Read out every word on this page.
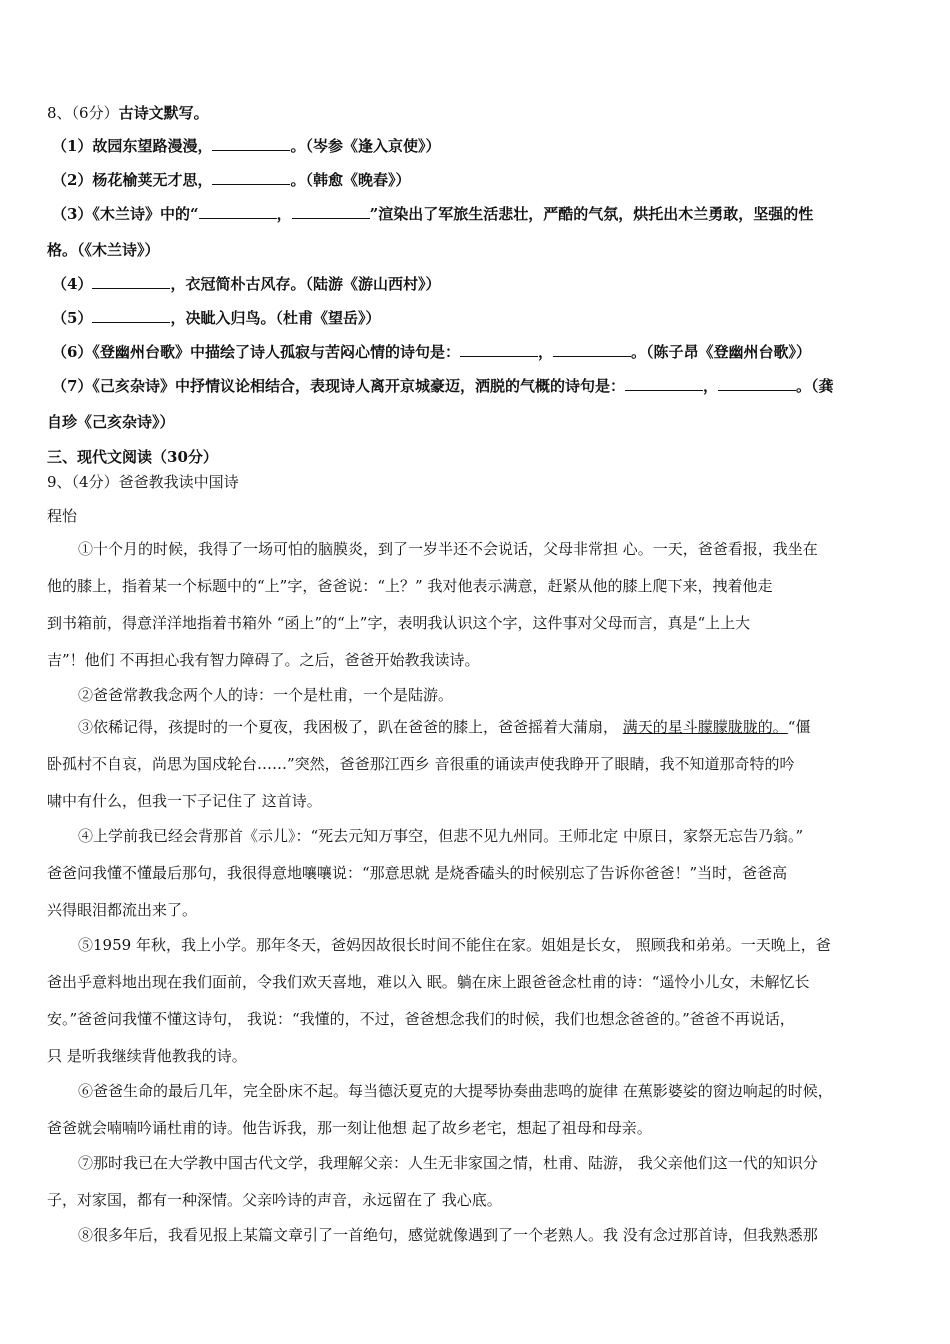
8、（6分）古诗文默写。
（1）故园东望路漫漫，	。（岑参《逢入京使》）
（2）杨花榆荚无才思，	。（韩愈《晚春》）
（3）《木兰诗》中的“	，	”渲染出了军旅生活悲壮，严酷的气氛，烘托出木兰勇敢，坚强的性
格。（《木兰诗》）
（4）	，衣冠简朴古风存。（陆游《游山西村》）
（5）	，决眦入归鸟。（杜甫《望岳》）
（6）《登幽州台歌》中描绘了诗人孤寂与苦闷心情的诗句是：	，	。（陈子昂《登幽州台歌》）
（7）《己亥杂诗》中抒情议论相结合，表现诗人离开京城豪迈，洒脱的气概的诗句是：	，	。（龚
自珍《己亥杂诗》）
三、现代文阅读（30分）
9、（4分）爸爸教我读中国诗
程怡
①十个月的时候，我得了一场可怕的脑膜炎，到了一岁半还不会说话，父母非常担 心。一天，爸爸看报，我坐在
他的膝上，指着某一个标题中的“上”字，爸爸说：“上？” 我对他表示满意，赶紧从他的膝上爬下来，拽着他走
到书箱前，得意洋洋地指着书箱外 “函上”的“上”字，表明我认识这个字，这件事对父母而言，真是“上上大
吉”！他们 不再担心我有智力障碍了。之后，爸爸开始教我读诗。
②爸爸常教我念两个人的诗：一个是杜甫，一个是陆游。
③依稀记得，孩提时的一个夏夜，我困极了，趴在爸爸的膝上，爸爸摇着大蒲扇， 满天的星斗朦朦胧胧的。“僵
卧孤村不自哀，尚思为国戍轮台……”突然，爸爸那江西乡 音很重的诵读声使我睁开了眼睛，我不知道那奇特的吟
啸中有什么，但我一下子记住了 这首诗。
④上学前我已经会背那首《示儿》：“死去元知万事空，但悲不见九州同。王师北定 中原日，家祭无忘告乃翁。”
爸爸问我懂不懂最后那句，我很得意地嚷嚷说：“那意思就 是烧香磕头的时候别忘了告诉你爸爸！”当时，爸爸高
兴得眼泪都流出来了。
⑤1959 年秋，我上小学。那年冬天，爸妈因故很长时间不能住在家。姐姐是长女， 照顾我和弟弟。一天晚上，爸
爸出乎意料地出现在我们面前，令我们欢天喜地，难以入 眠。躺在床上跟爸爸念杜甫的诗：“遥怜小儿女，未解忆长
安。”爸爸问我懂不懂这诗句， 我说：“我懂的，不过，爸爸想念我们的时候，我们也想念爸爸的。”爸爸不再说话，
只 是听我继续背他教我的诗。
⑥爸爸生命的最后几年，完全卧床不起。每当德沃夏克的大提琴协奏曲悲鸣的旋律 在蕉影婆娑的窗边响起的时候，
爸爸就会喃喃吟诵杜甫的诗。他告诉我，那一刻让他想 起了故乡老宅，想起了祖母和母亲。
⑦那时我已在大学教中国古代文学，我理解父亲：人生无非家国之情，杜甫、陆游， 我父亲他们这一代的知识分
子，对家国，都有一种深情。父亲吟诗的声音，永远留在了 我心底。
⑧很多年后，我看见报上某篇文章引了一首绝句，感觉就像遇到了一个老熟人。我 没有念过那首诗，但我熟悉那
